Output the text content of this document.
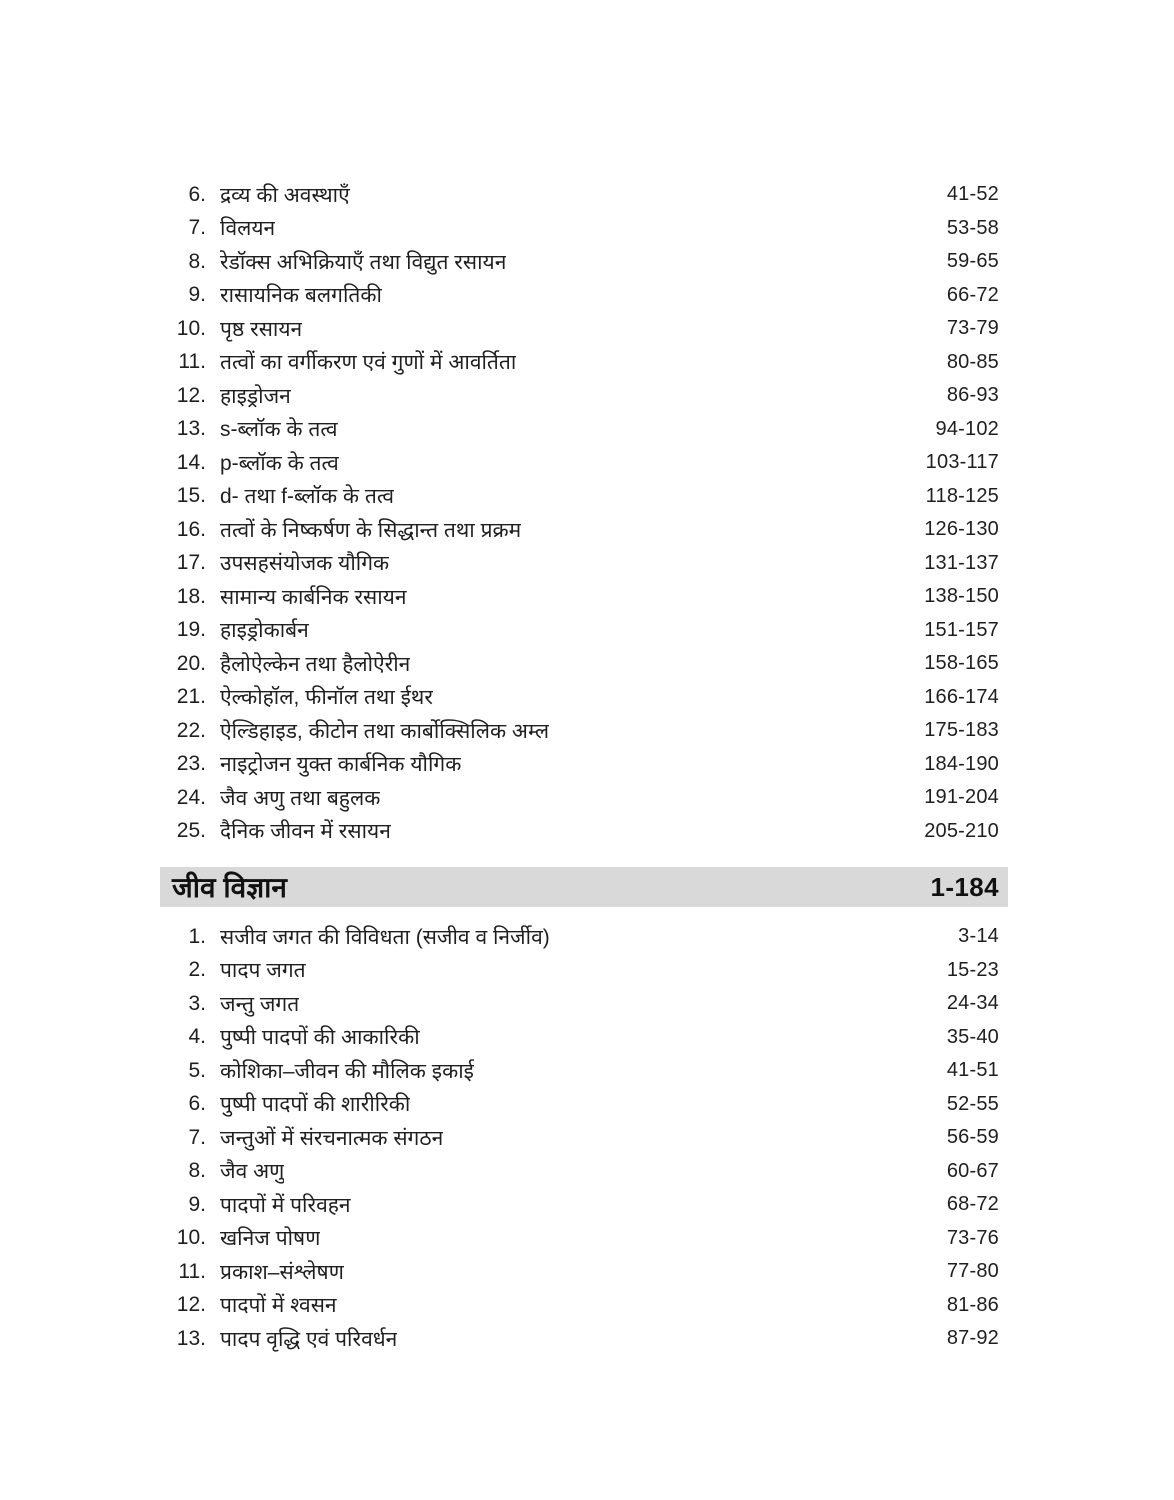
6. द्रव्य की अवस्थाएँ	41-52
7. विलयन	53-58
8. रेडॉक्स अभिक्रियाएँ तथा विद्युत रसायन	59-65
9. रासायनिक बलगतिकी	66-72
10. पृष्ठ रसायन	73-79
11. तत्वों का वर्गीकरण एवं गुणों में आवर्तिता	80-85
12. हाइड्रोजन	86-93
13. s-ब्लॉक के तत्व	94-102
14. p-ब्लॉक के तत्व	103-117
15. d- तथा f-ब्लॉक के तत्व	118-125
16. तत्वों के निष्कर्षण के सिद्धान्त तथा प्रक्रम	126-130
17. उपसहसंयोजक यौगिक	131-137
18. सामान्य कार्बनिक रसायन	138-150
19. हाइड्रोकार्बन	151-157
20. हैलोऐल्केन तथा हैलोऐरीन	158-165
21. ऐल्कोहॉल, फीनॉल तथा ईथर	166-174
22. ऐल्डिहाइड, कीटोन तथा कार्बोक्सिलिक अम्ल	175-183
23. नाइट्रोजन युक्त कार्बनिक यौगिक	184-190
24. जैव अणु तथा बहुलक	191-204
25. दैनिक जीवन में रसायन	205-210
जीव विज्ञान	1-184
1. सजीव जगत की विविधता (सजीव व निर्जीव)	3-14
2. पादप जगत	15-23
3. जन्तु जगत	24-34
4. पुष्पी पादपों की आकारिकी	35-40
5. कोशिका–जीवन की मौलिक इकाई	41-51
6. पुष्पी पादपों की शारीरिकी	52-55
7. जन्तुओं में संरचनात्मक संगठन	56-59
8. जैव अणु	60-67
9. पादपों में परिवहन	68-72
10. खनिज पोषण	73-76
11. प्रकाश–संश्लेषण	77-80
12. पादपों में श्वसन	81-86
13. पादप वृद्धि एवं परिवर्धन	87-92
